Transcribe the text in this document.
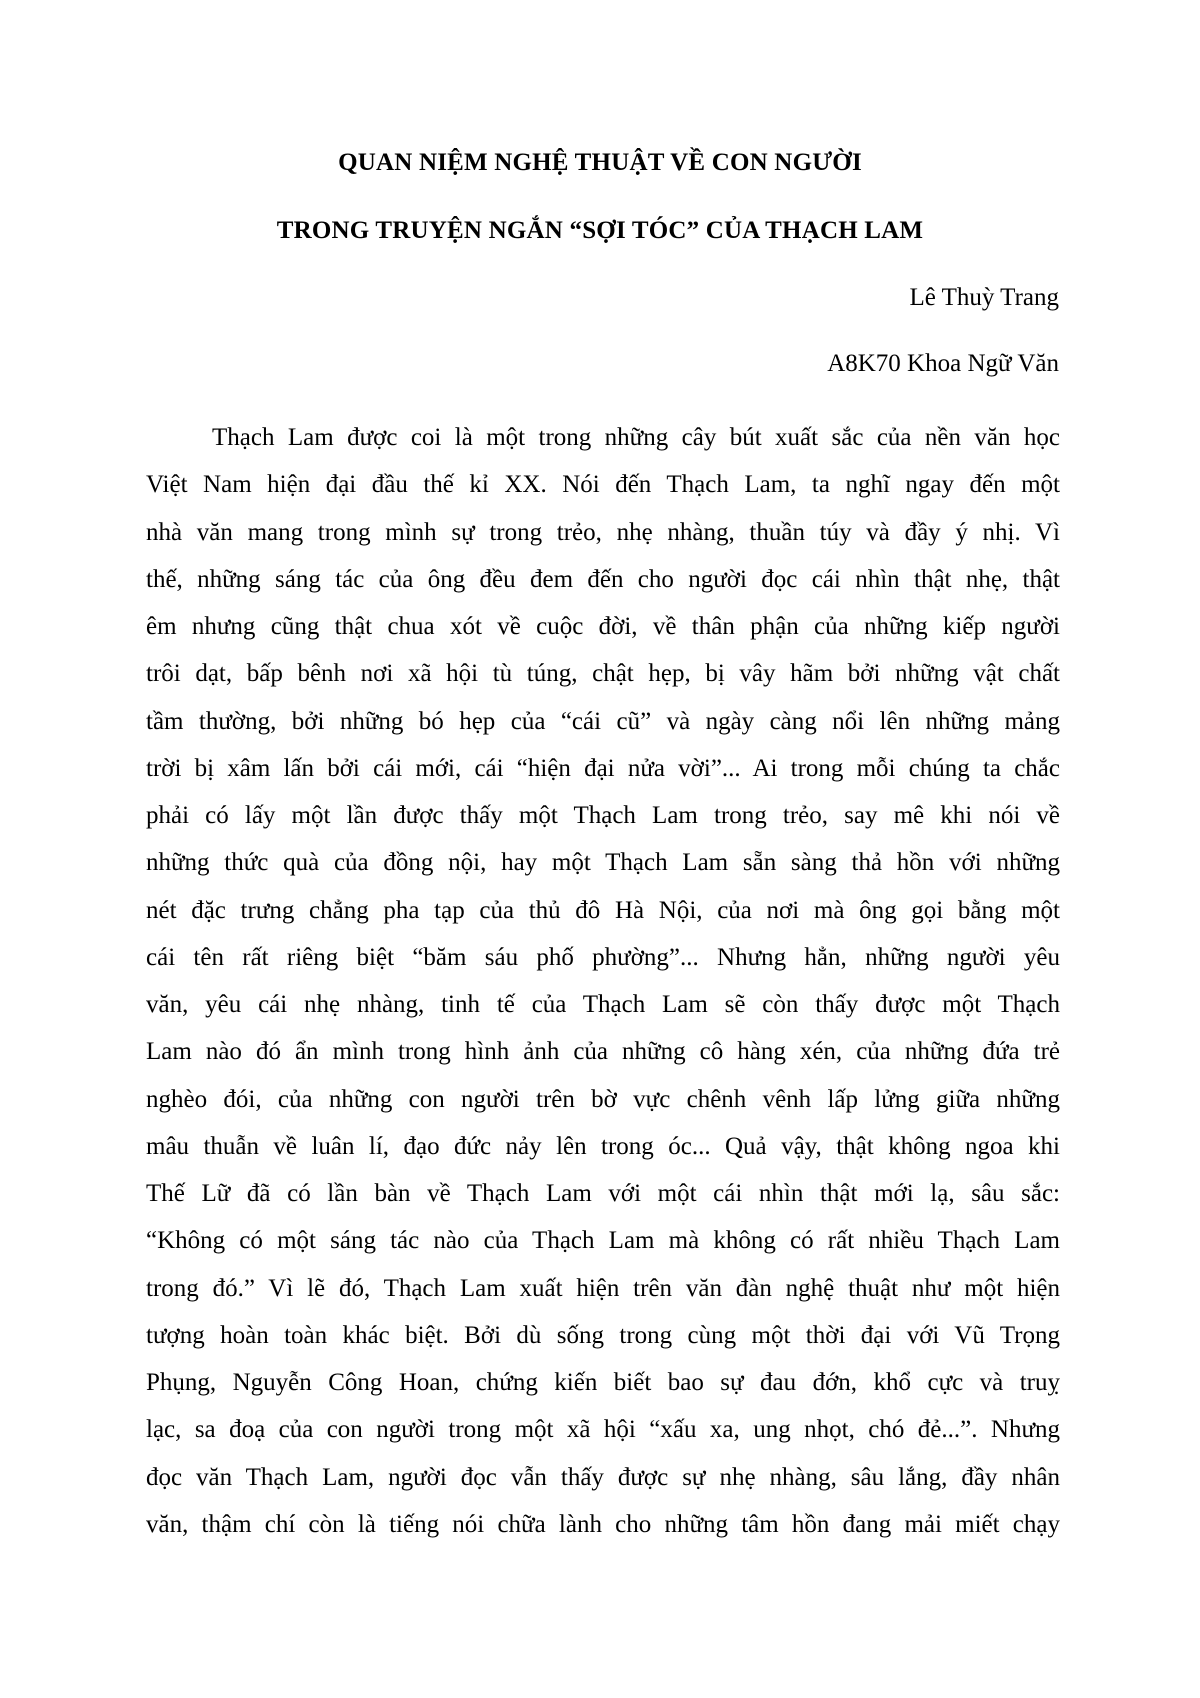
QUAN NIỆM NGHỆ THUẬT VỀ CON NGƯỜI
TRONG TRUYỆN NGẮN “SỢI TÓC” CỦA THẠCH LAM
Lê Thuỳ Trang
A8K70 Khoa Ngữ Văn
Thạch Lam được coi là một trong những cây bút xuất sắc của nền văn học
Việt Nam hiện đại đầu thế kỉ XX. Nói đến Thạch Lam, ta nghĩ ngay đến một
nhà văn mang trong mình sự trong trẻo, nhẹ nhàng, thuần túy và đầy ý nhị. Vì
thế, những sáng tác của ông đều đem đến cho người đọc cái nhìn thật nhẹ, thật
êm nhưng cũng thật chua xót về cuộc đời, về thân phận của những kiếp người
trôi dạt, bấp bênh nơi xã hội tù túng, chật hẹp, bị vây hãm bởi những vật chất
tầm thường, bởi những bó hẹp của “cái cũ” và ngày càng nổi lên những mảng
trời bị xâm lấn bởi cái mới, cái “hiện đại nửa vời”... Ai trong mỗi chúng ta chắc
phải có lấy một lần được thấy một Thạch Lam trong trẻo, say mê khi nói về
những thức quà của đồng nội, hay một Thạch Lam sẵn sàng thả hồn với những
nét đặc trưng chẳng pha tạp của thủ đô Hà Nội, của nơi mà ông gọi bằng một
cái tên rất riêng biệt “băm sáu phố phường”... Nhưng hẳn, những người yêu
văn, yêu cái nhẹ nhàng, tinh tế của Thạch Lam sẽ còn thấy được một Thạch
Lam nào đó ẩn mình trong hình ảnh của những cô hàng xén, của những đứa trẻ
nghèo đói, của những con người trên bờ vực chênh vênh lấp lửng giữa những
mâu thuẫn về luân lí, đạo đức nảy lên trong óc... Quả vậy, thật không ngoa khi
Thế Lữ đã có lần bàn về Thạch Lam với một cái nhìn thật mới lạ, sâu sắc:
“Không có một sáng tác nào của Thạch Lam mà không có rất nhiều Thạch Lam
trong đó.” Vì lẽ đó, Thạch Lam xuất hiện trên văn đàn nghệ thuật như một hiện
tượng hoàn toàn khác biệt. Bởi dù sống trong cùng một thời đại với Vũ Trọng
Phụng, Nguyễn Công Hoan, chứng kiến biết bao sự đau đớn, khổ cực và truỵ
lạc, sa đoạ của con người trong một xã hội “xấu xa, ung nhọt, chó đẻ...”. Nhưng
đọc văn Thạch Lam, người đọc vẫn thấy được sự nhẹ nhàng, sâu lắng, đầy nhân
văn, thậm chí còn là tiếng nói chữa lành cho những tâm hồn đang mải miết chạy
